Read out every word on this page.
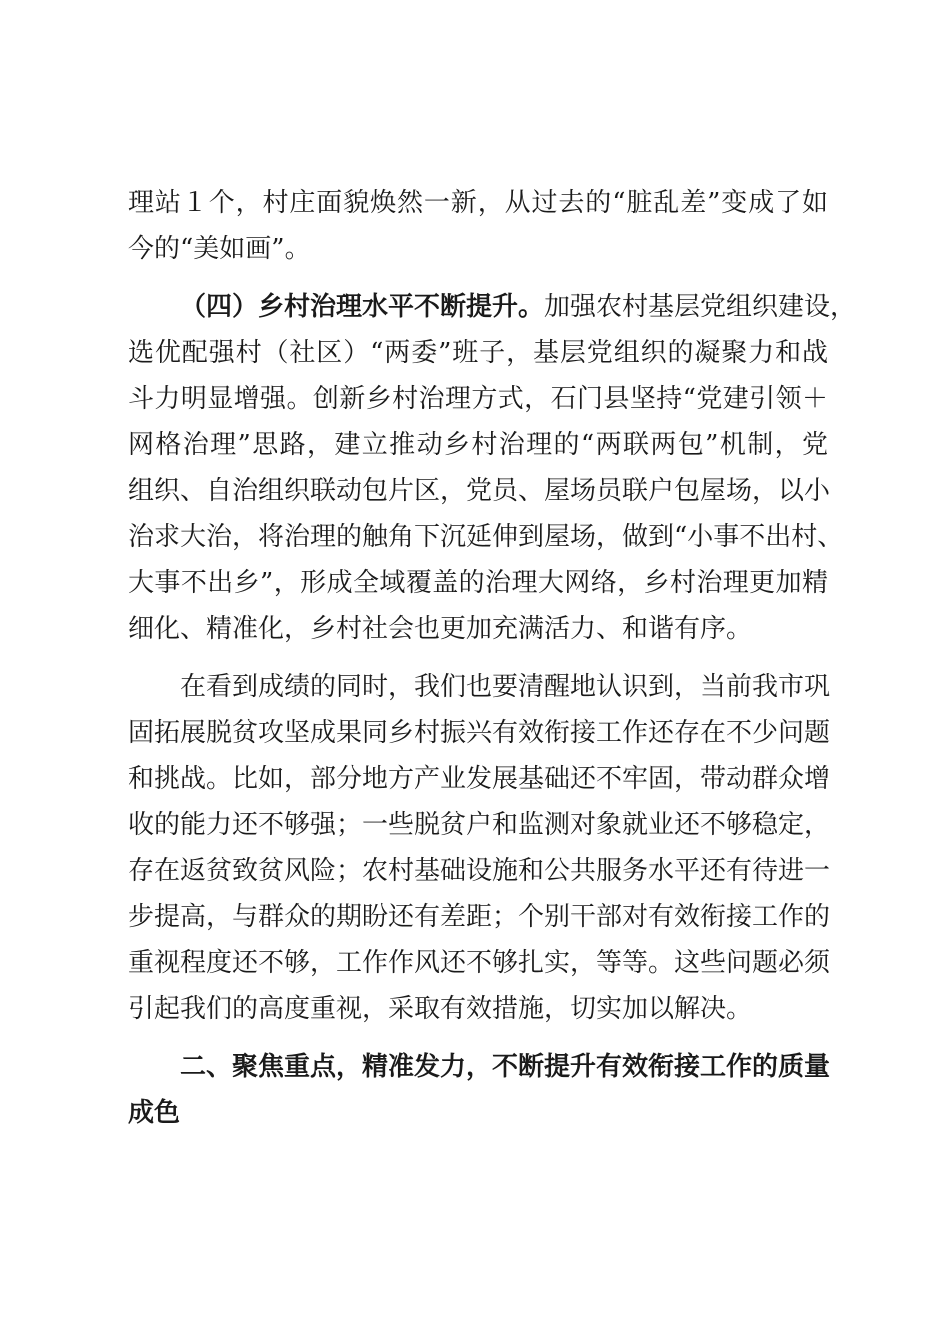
理站１个，村庄面貌焕然一新，从过去的“脏乱差”变成了如
今的“美如画”。
（四）乡村治理水平不断提升。加强农村基层党组织建设，
选优配强村（社区）“两委”班子，基层党组织的凝聚力和战
斗力明显增强。创新乡村治理方式，石门县坚持“党建引领＋
网格治理”思路，建立推动乡村治理的“两联两包”机制，党
组织、自治组织联动包片区，党员、屋场员联户包屋场，以小
治求大治，将治理的触角下沉延伸到屋场，做到“小事不出村、
大事不出乡”，形成全域覆盖的治理大网络，乡村治理更加精
细化、精准化，乡村社会也更加充满活力、和谐有序。
在看到成绩的同时，我们也要清醒地认识到，当前我市巩
固拓展脱贫攻坚成果同乡村振兴有效衔接工作还存在不少问题
和挑战。比如，部分地方产业发展基础还不牢固，带动群众增
收的能力还不够强；一些脱贫户和监测对象就业还不够稳定，
存在返贫致贫风险；农村基础设施和公共服务水平还有待进一
步提高，与群众的期盼还有差距；个别干部对有效衔接工作的
重视程度还不够，工作作风还不够扎实，等等。这些问题必须
引起我们的高度重视，采取有效措施，切实加以解决。
二、聚焦重点，精准发力，不断提升有效衔接工作的质量
成色
